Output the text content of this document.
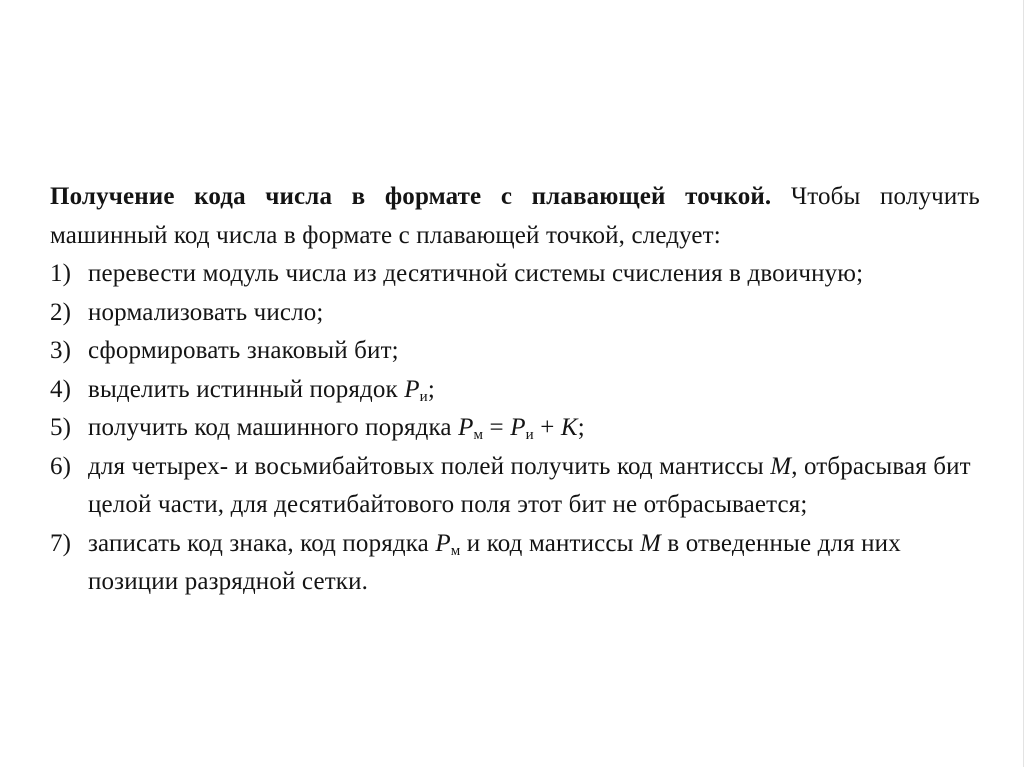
Получение кода числа в формате с плавающей точкой. Чтобы получить машинный код числа в формате с плавающей точкой, следует:

1) перевести модуль числа из десятичной системы счисления в двоичную;
2) нормализовать число;
3) сформировать знаковый бит;
4) выделить истинный порядок $P_и$;
5) получить код машинного порядка $P_м = P_и + K$;
6) для четырех- и восьмибайтовых полей получить код мантиссы M, отбрасывая бит целой части, для десятибайтового поля этот бит не отбрасывается;
7) записать код знака, код порядка $P_м$ и код мантиссы M в отведенные для них позиции разрядной сетки.
